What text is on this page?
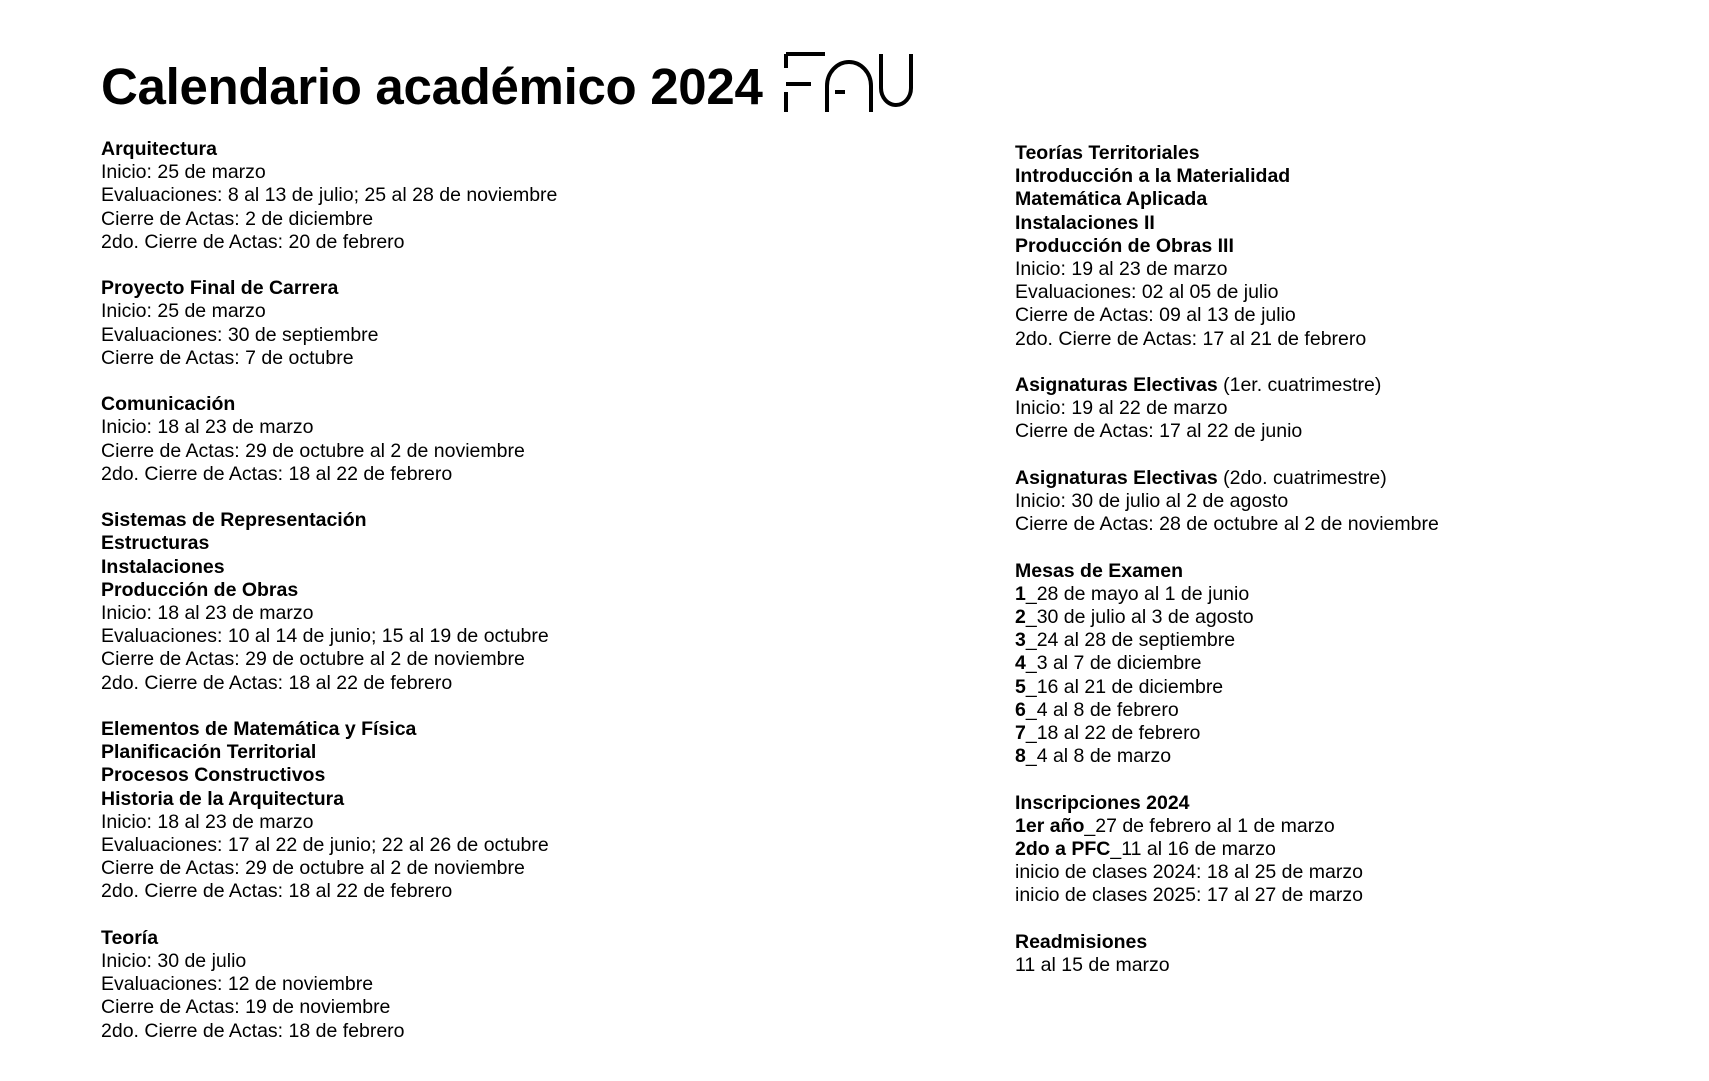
Calendario académico 2024
Arquitectura
Inicio: 25 de marzo
Evaluaciones: 8 al 13 de julio; 25 al 28 de noviembre
Cierre de Actas: 2 de diciembre
2do. Cierre de Actas: 20 de febrero
Proyecto Final de Carrera
Inicio: 25 de marzo
Evaluaciones: 30 de septiembre
Cierre de Actas: 7 de octubre
Comunicación
Inicio: 18 al 23 de marzo
Cierre de Actas: 29 de octubre al 2 de noviembre
2do. Cierre de Actas: 18 al 22 de febrero
Sistemas de Representación
Estructuras
Instalaciones
Producción de Obras
Inicio: 18 al 23 de marzo
Evaluaciones: 10 al 14 de junio; 15 al 19 de octubre
Cierre de Actas: 29 de octubre al 2 de noviembre
2do. Cierre de Actas: 18 al 22 de febrero
Elementos de Matemática y Física
Planificación Territorial
Procesos Constructivos
Historia de la Arquitectura
Inicio: 18 al 23 de marzo
Evaluaciones: 17 al 22 de junio; 22 al 26 de octubre
Cierre de Actas: 29 de octubre al 2 de noviembre
2do. Cierre de Actas: 18 al 22 de febrero
Teoría
Inicio: 30 de julio
Evaluaciones: 12 de noviembre
Cierre de Actas: 19 de noviembre
2do. Cierre de Actas: 18 de febrero
Teorías Territoriales
Introducción a la Materialidad
Matemática Aplicada
Instalaciones II
Producción de Obras III
Inicio: 19 al 23 de marzo
Evaluaciones: 02 al 05 de julio
Cierre de Actas: 09 al 13 de julio
2do. Cierre de Actas: 17 al 21 de febrero
Asignaturas Electivas (1er. cuatrimestre)
Inicio: 19 al 22 de marzo
Cierre de Actas: 17 al 22 de junio
Asignaturas Electivas (2do. cuatrimestre)
Inicio: 30 de julio al 2 de agosto
Cierre de Actas: 28 de octubre al 2 de noviembre
Mesas de Examen
1_28 de mayo al 1 de junio
2_30 de julio al 3 de agosto
3_24 al 28 de septiembre
4_3 al 7 de diciembre
5_16 al 21 de diciembre
6_4 al 8 de febrero
7_18 al 22 de febrero
8_4 al 8 de marzo
Inscripciones 2024
1er año_27 de febrero al 1 de marzo
2do a PFC_11 al 16 de marzo
inicio de clases 2024: 18 al 25 de marzo
inicio de clases 2025: 17 al 27 de marzo
Readmisiones
11 al 15 de marzo
